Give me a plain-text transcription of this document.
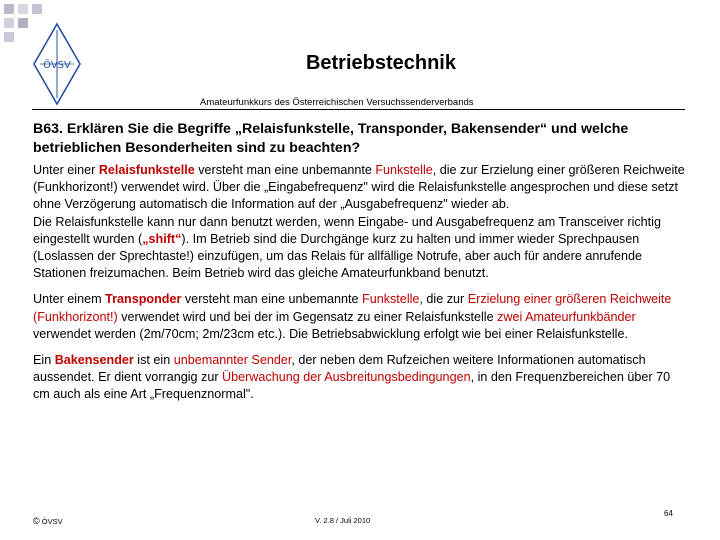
ÖVSV	Betriebstechnik
Amateurfunkkurs des Österreichischen Versuchssenderverbands

B63. Erklären Sie die Begriffe „Relaisfunkstelle, Transponder, Bakensender“ und welche betrieblichen Besonderheiten sind zu beachten?

Unter einer Relaisfunkstelle versteht man eine unbemannte Funkstelle, die zur Erzielung einer größeren Reichweite (Funkhorizont!) verwendet wird. Über die „Eingabefrequenz" wird die Relaisfunkstelle angesprochen und diese setzt ohne Verzögerung automatisch die Information auf der „Ausgabefrequenz" wieder ab.
Die Relaisfunkstelle kann nur dann benutzt werden, wenn Eingabe- und Ausgabefrequenz am Transceiver richtig eingestellt wurden („shift“). Im Betrieb sind die Durchgänge kurz zu halten und immer wieder Sprechpausen (Loslassen der Sprechtaste!) einzufügen, um das Relais für allfällige Notrufe, aber auch für andere anrufende Stationen freizumachen. Beim Betrieb wird das gleiche Amateurfunkband benutzt.

Unter einem Transponder versteht man eine unbemannte Funkstelle, die zur Erzielung einer größeren Reichweite (Funkhorizont!) verwendet wird und bei der im Gegensatz zu einer Relaisfunkstelle zwei Amateurfunkbänder verwendet werden (2m/70cm; 2m/23cm etc.). Die Betriebsabwicklung erfolgt wie bei einer Relaisfunkstelle.

Ein Bakensender ist ein unbemannter Sender, der neben dem Rufzeichen weitere Informationen automatisch aussendet. Er dient vorrangig zur Überwachung der Ausbreitungsbedingungen, in den Frequenzbereichen über 70 cm auch als eine Art „Frequenznormal".

© ÖVSV	V. 2.8 / Juli 2010
64
